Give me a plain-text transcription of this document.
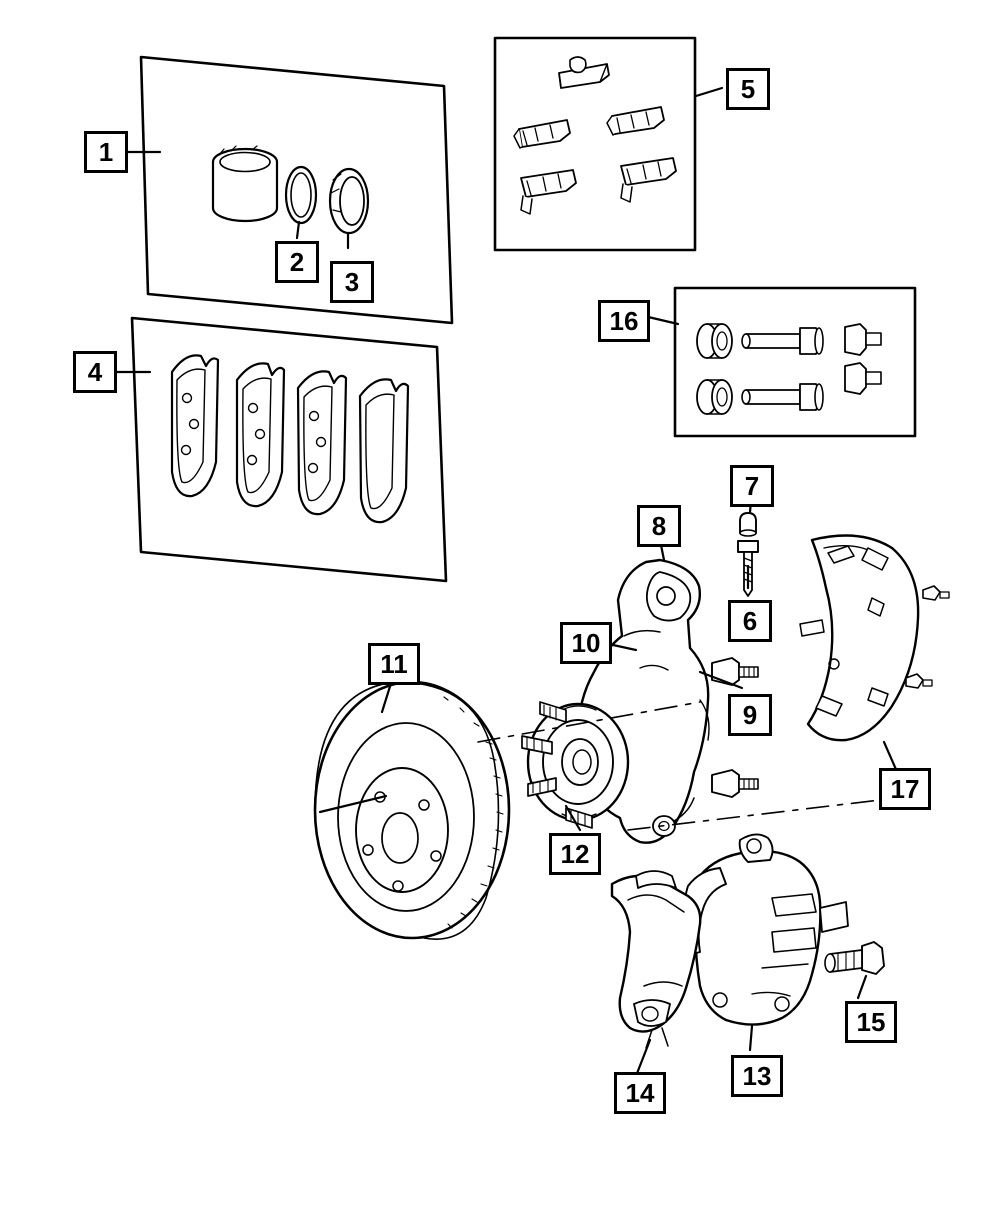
1
2
3
4
5
6
7
8
9
10
11
12
13
14
15
16
17
